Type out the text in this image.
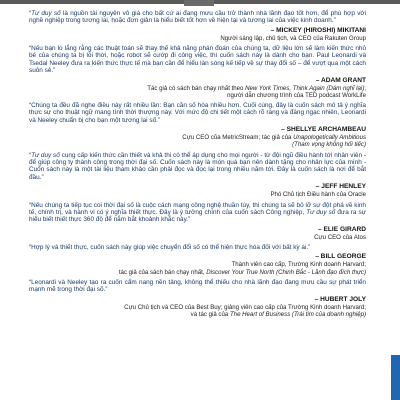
“Tư duy số là nguồn tài nguyên vô giá cho bất cứ ai đang mưu cầu trở thành nhà lãnh đạo tốt hơn, để phù hợp với nghề nghiệp trong tương lai, hoặc đơn giản là hiểu biết tốt hơn về hiện tại và tương lai của việc kinh doanh.”
– MICKEY (HIROSHI) MIKITANI
Người sáng lập, chủ tịch, và CEO của Rakuten Group
“Nếu bạn lo lắng rằng các thuật toán sẽ thay thế khả năng phán đoán của chúng ta, dữ liệu lớn sẽ làm kiến thức nhỏ bé của chúng ta bị lỗi thời, hoặc robot sẽ cướp đi công việc, thì cuốn sách này là dành cho bạn. Paul Leonardi và Tsedal Neeley đưa ra kiến thức thực tế mà bạn cần để hiểu làn sóng kế tiếp về sự thay đổi số – để vượt qua một cách suôn sẻ.”
– ADAM GRANT
Tác giả có sách bán chạy nhất theo New York Times, Think Again (Dám nghĩ lại);
người dẫn chương trình của TED podcast WorkLife
“Chúng ta đều đã nghe điều này rất nhiều lần: Bạn cần số hóa nhiều hơn. Cuối cùng, đây là cuốn sách mô tả ý nghĩa thực sự cho thuật ngữ mang tính thời thượng này. Với mức độ chi tiết một cách rõ ràng và đáng ngạc nhiên, Leonardi và Neeley chuẩn bị cho bạn một tương lai số.”
– SHELLYE ARCHAMBEAU
Cựu CEO của MetricStream; tác giả của Unapologetically Ambitious
(Tham vọng không hối tiếc)
“Tư duy số cung cấp kiến thức cần thiết và khả thi có thể áp dụng cho mọi người - từ đội ngũ điều hành tới nhân viên - để giúp công ty thành công trong thời đại số. Cuốn sách này là món quà bạn nên dành tặng cho nhân lực của mình - Cuốn sách này là một tài liệu tham khảo cần phải đọc và đọc lại trong nhiều năm tới. Đây là cuốn sách là nơi để bắt đầu.”
– JEFF HENLEY
Phó Chủ tịch Điều hành của Oracle
“Nếu chúng ta tiếp tục coi thời đại số là cuộc cách mạng công nghệ thuần túy, thì chúng ta sẽ bỏ lỡ sự đột phá về kinh tế, chính trị, và hành vi có ý nghĩa thiết thực. Đây là ý tưởng chính của cuốn sách Công nghiệp, Tư duy số đưa ra sự hiểu biết thiết thực 360 độ để nắm bắt khoảnh khắc này.”
– ELIE GIRARD
Cựu CEO của Atos
“Hợp lý và thiết thực, cuốn sách này giúp việc chuyển đổi số có thể hiện thực hóa đối với bất kỳ ai.”
– BILL GEORGE
Thành viên cao cấp, Trường Kinh doanh Harvard;
tác giả của sách bán chạy nhất, Discover Your True North (Chinh Bắc - Lãnh đạo đích thực)
“Leonardi và Neeley tạo ra cuốn cẩm nang nền tảng, không thể thiếu cho nhà lãnh đạo đang mưu cầu sự phát triển mạnh mẽ trong thời đại số.”
– HUBERT JOLY
Cựu Chủ tịch và CEO của Best Buy; giảng viên cao cấp của Trường Kinh doanh Harvard;
và tác giả của The Heart of Business (Trái tim của doanh nghiệp)
